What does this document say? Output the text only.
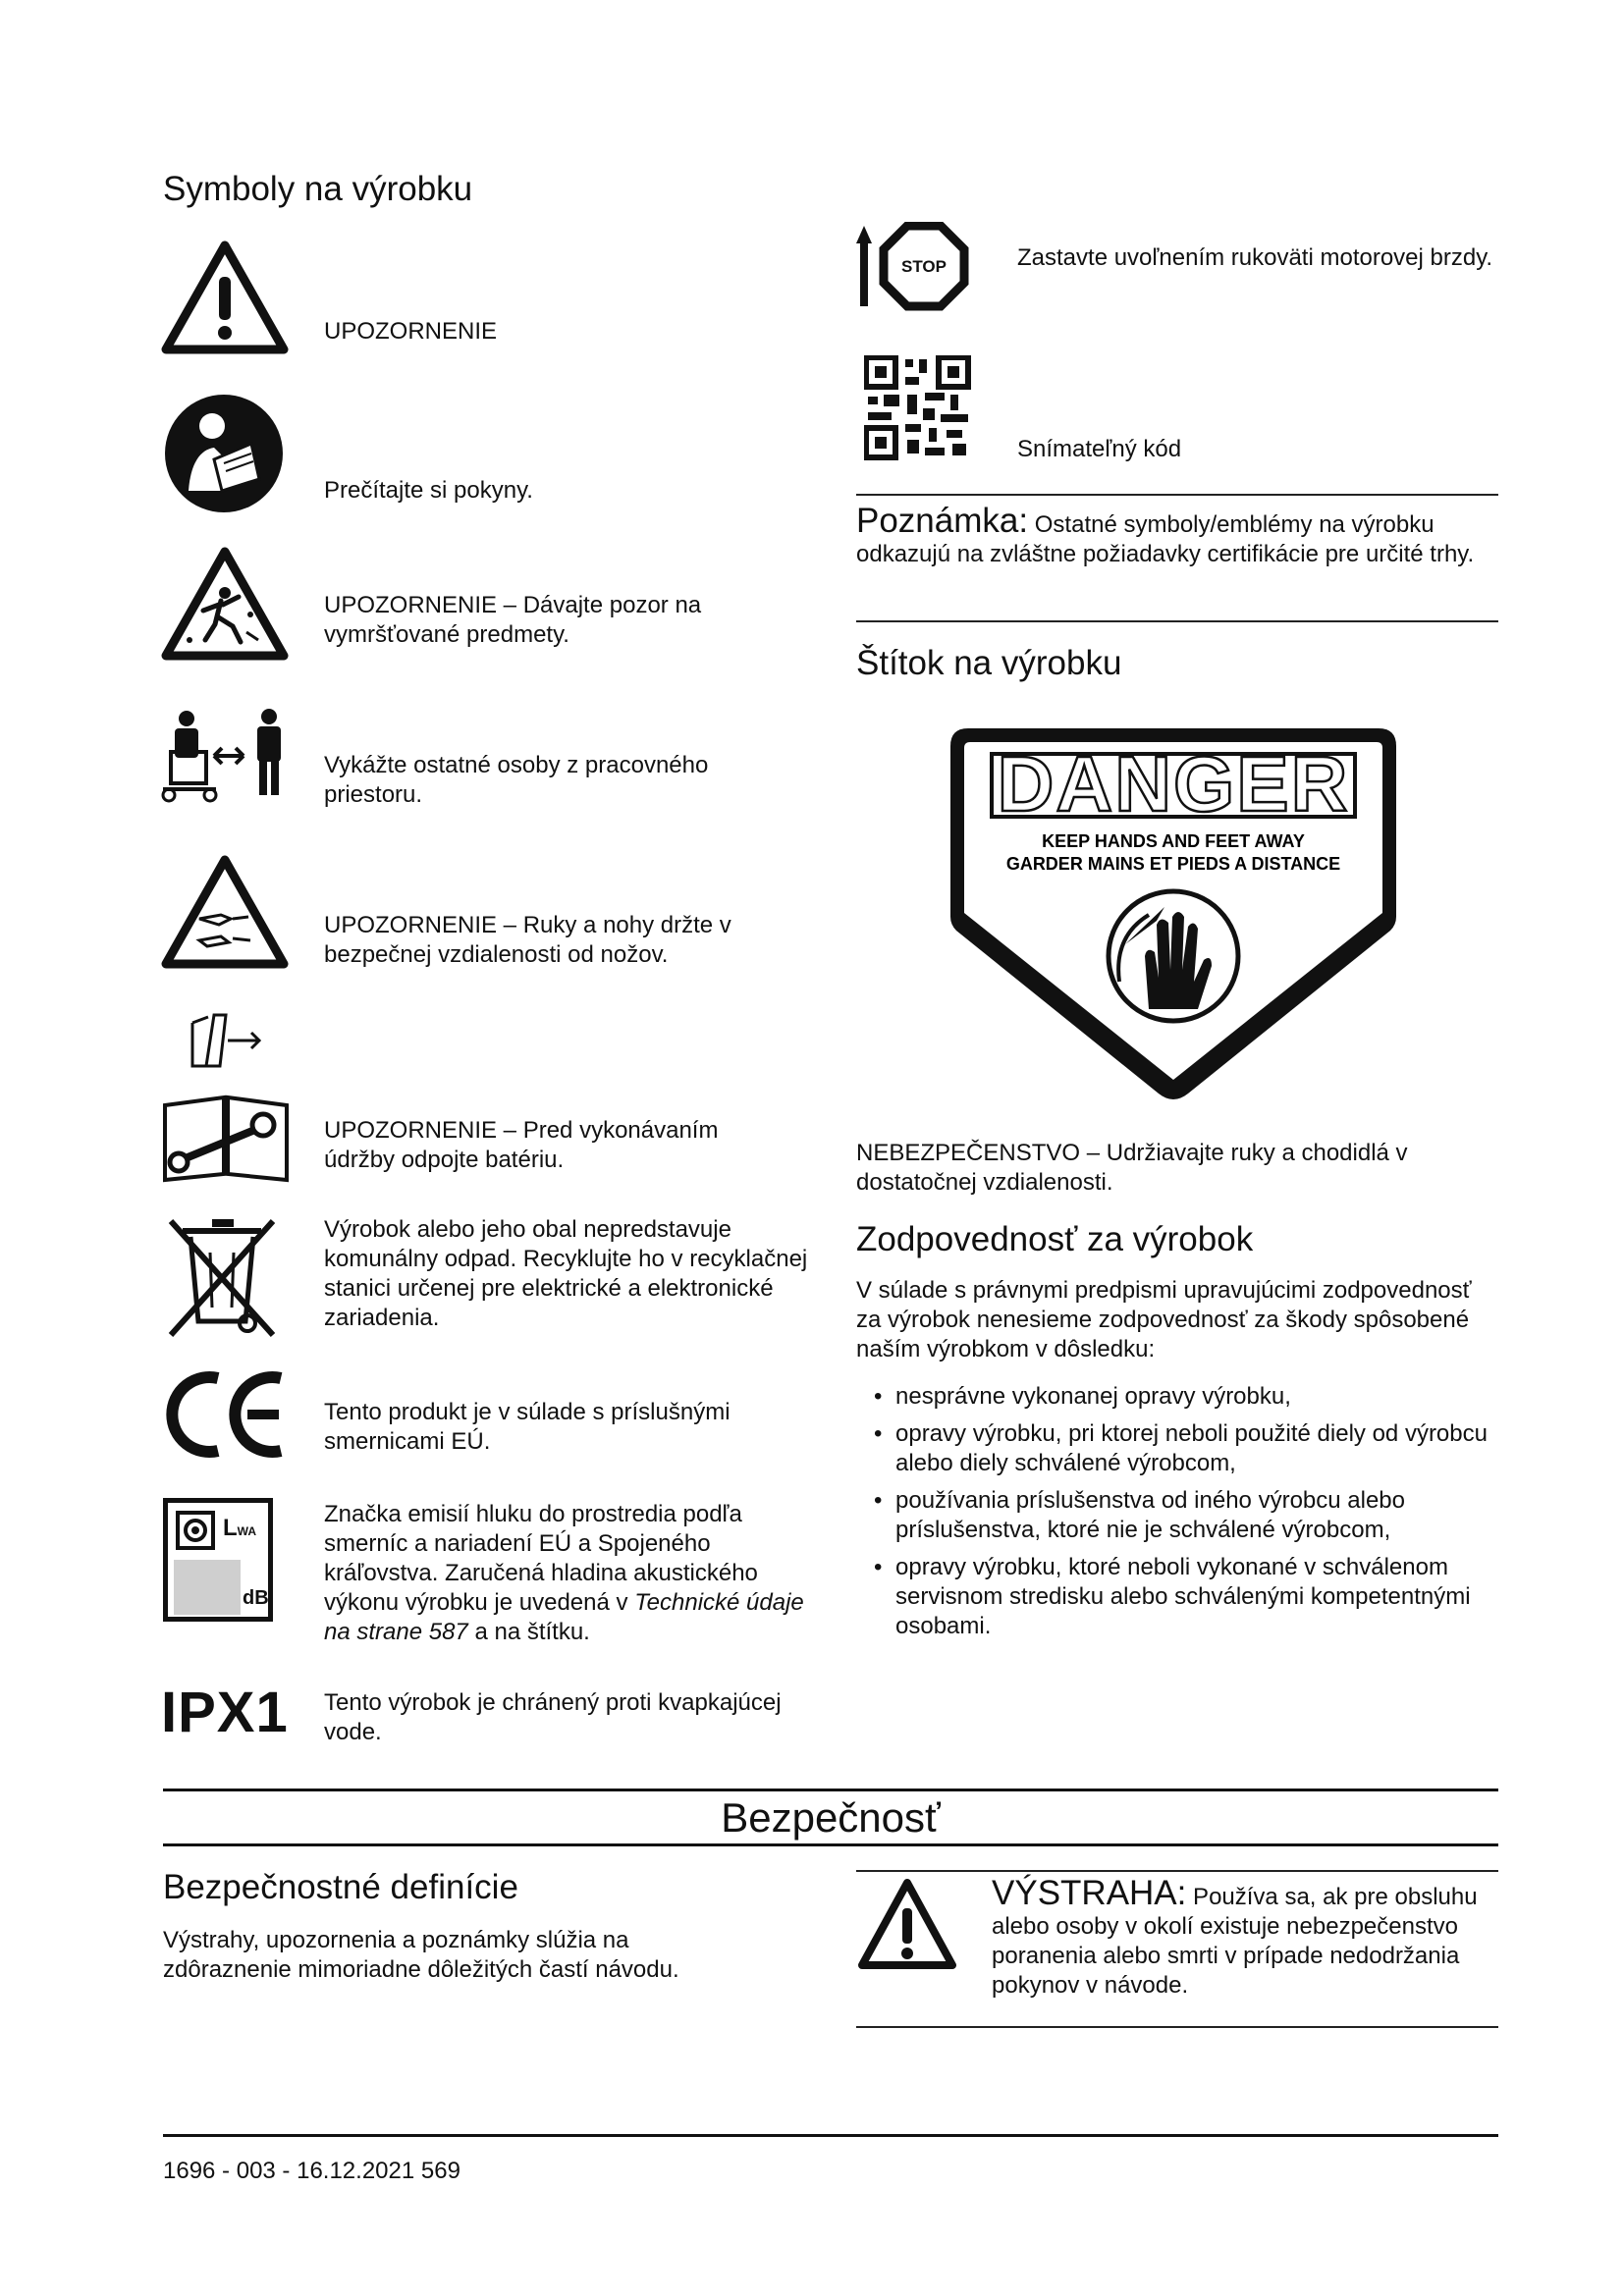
Symboly na výrobku
UPOZORNENIE
Prečítajte si pokyny.
UPOZORNENIE – Dávajte pozor na vymršťované predmety.
Vykážte ostatné osoby z pracovného priestoru.
UPOZORNENIE – Ruky a nohy držte v bezpečnej vzdialenosti od nožov.
UPOZORNENIE – Pred vykonávaním údržby odpojte batériu.
Výrobok alebo jeho obal nepredstavuje komunálny odpad. Recyklujte ho v recyklačnej stanici určenej pre elektrické a elektronické zariadenia.
Tento produkt je v súlade s príslušnými smernicami EÚ.
LWA
dB
Značka emisií hluku do prostredia podľa smerníc a nariadení EÚ a Spojeného kráľovstva. Zaručená hladina akustického výkonu výrobku je uvedená v Technické údaje na strane 587 a na štítku.
IPX1 Tento výrobok je chránený proti kvapkajúcej vode.
STOP	Zastavte uvoľnením rukoväti motorovej brzdy.
Snímateľný kód
Poznámka: Ostatné symboly/emblémy na výrobku odkazujú na zvláštne požiadavky certifikácie pre určité trhy.
Štítok na výrobku
DANGER
KEEP HANDS AND FEET AWAY
GARDER MAINS ET PIEDS A DISTANCE
NEBEZPEČENSTVO – Udržiavajte ruky a chodidlá v dostatočnej vzdialenosti.
Zodpovednosť za výrobok
V súlade s právnymi predpismi upravujúcimi zodpovednosť za výrobok nenesieme zodpovednosť za škody spôsobené naším výrobkom v dôsledku:
• nesprávne vykonanej opravy výrobku,
• opravy výrobku, pri ktorej neboli použité diely od výrobcu alebo diely schválené výrobcom,
• používania príslušenstva od iného výrobcu alebo príslušenstva, ktoré nie je schválené výrobcom,
• opravy výrobku, ktoré neboli vykonané v schválenom servisnom stredisku alebo schválenými kompetentnými osobami.
Bezpečnosť
Bezpečnostné definície
Výstrahy, upozornenia a poznámky slúžia na zdôraznenie mimoriadne dôležitých častí návodu.
VÝSTRAHA: Používa sa, ak pre obsluhu alebo osoby v okolí existuje nebezpečenstvo poranenia alebo smrti v prípade nedodržania pokynov v návode.
1696 - 003 - 16.12.2021 569
